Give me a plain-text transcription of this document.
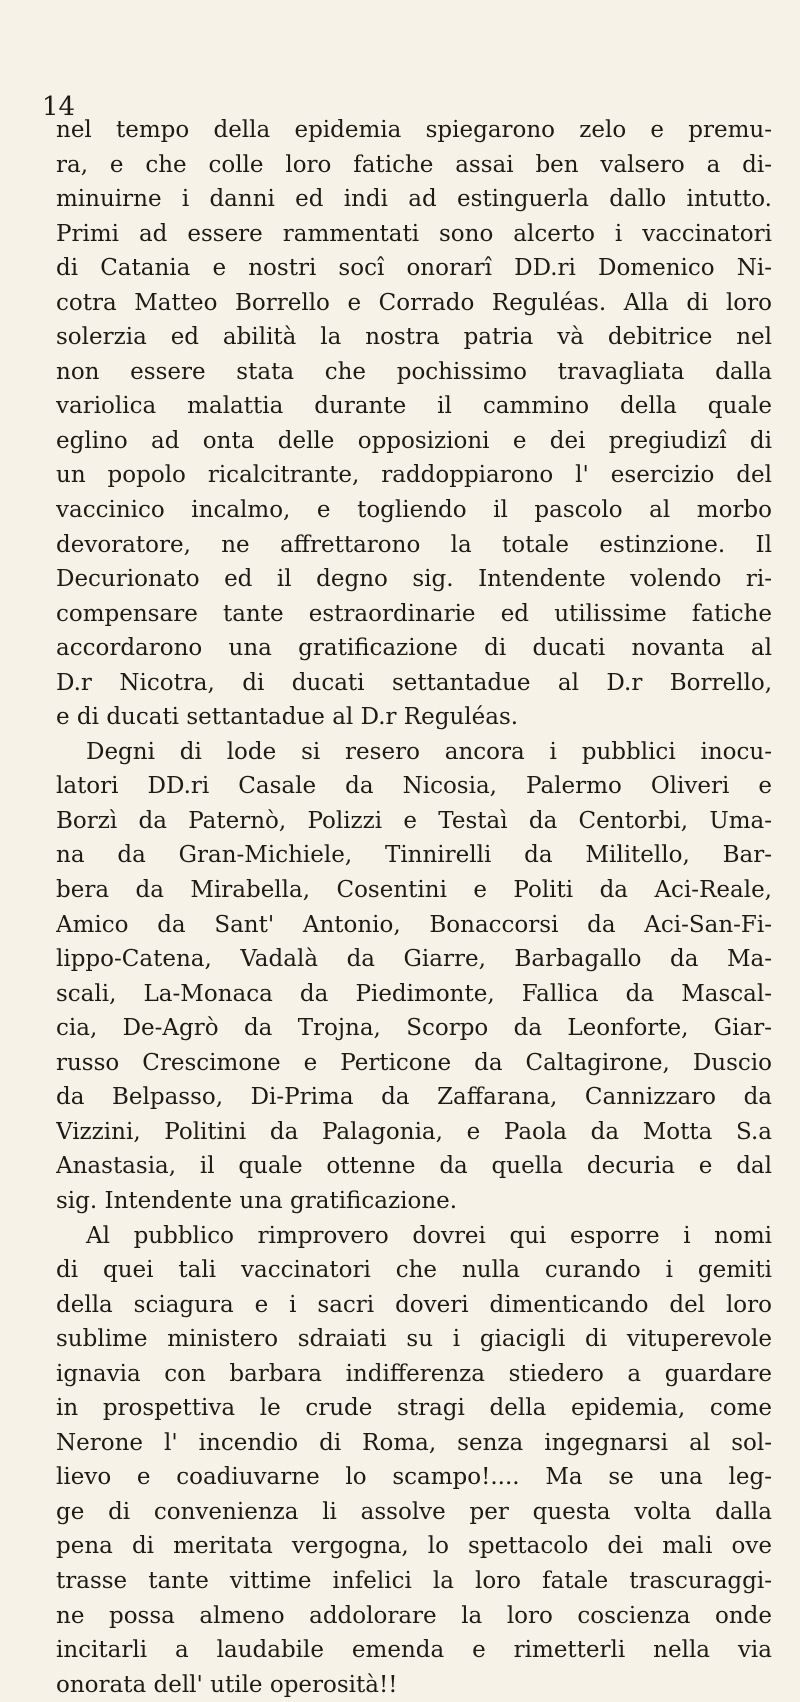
14
nel tempo della epidemia spiegarono zelo e premu-
ra, e che colle loro fatiche assai ben valsero a di-
minuirne i danni ed indi ad estinguerla dallo intutto.
Primi ad essere rammentati sono alcerto i vaccinatori
di Catania e nostri socî onorarî DD.ri Domenico Ni-
cotra Matteo Borrello e Corrado Reguléas. Alla di loro
solerzia ed abilità la nostra patria và debitrice nel
non essere stata che pochissimo travagliata dalla
variolica malattia durante il cammino della quale
eglino ad onta delle opposizioni e dei pregiudizî di
un popolo ricalcitrante, raddoppiarono l' esercizio del
vaccinico incalmo, e togliendo il pascolo al morbo
devoratore, ne affrettarono la totale estinzione. Il
Decurionato ed il degno sig. Intendente volendo ri-
compensare tante estraordinarie ed utilissime fatiche
accordarono una gratificazione di ducati novanta al
D.r Nicotra, di ducati settantadue al D.r Borrello,
e di ducati settantadue al D.r Reguléas.
Degni di lode si resero ancora i pubblici inocu-
latori DD.ri Casale da Nicosia, Palermo Oliveri e
Borzì da Paternò, Polizzi e Testaì da Centorbi, Uma-
na da Gran-Michiele, Tinnirelli da Militello, Bar-
bera da Mirabella, Cosentini e Politi da Aci-Reale,
Amico da Sant' Antonio, Bonaccorsi da Aci-San-Fi-
lippo-Catena, Vadalà da Giarre, Barbagallo da Ma-
scali, La-Monaca da Piedimonte, Fallica da Mascal-
cia, De-Agrò da Trojna, Scorpo da Leonforte, Giar-
russo Crescimone e Perticone da Caltagirone, Duscio
da Belpasso, Di-Prima da Zaffarana, Cannizzaro da
Vizzini, Politini da Palagonia, e Paola da Motta S.a
Anastasia, il quale ottenne da quella decuria e dal
sig. Intendente una gratificazione.
Al pubblico rimprovero dovrei qui esporre i nomi
di quei tali vaccinatori che nulla curando i gemiti
della sciagura e i sacri doveri dimenticando del loro
sublime ministero sdraiati su i giacigli di vituperevole
ignavia con barbara indifferenza stiedero a guardare
in prospettiva le crude stragi della epidemia, come
Nerone l' incendio di Roma, senza ingegnarsi al sol-
lievo e coadiuvarne lo scampo!.... Ma se una leg-
ge di convenienza li assolve per questa volta dalla
pena di meritata vergogna, lo spettacolo dei mali ove
trasse tante vittime infelici la loro fatale trascuraggi-
ne possa almeno addolorare la loro coscienza onde
incitarli a laudabile emenda e rimetterli nella via
onorata dell' utile operosità!!
